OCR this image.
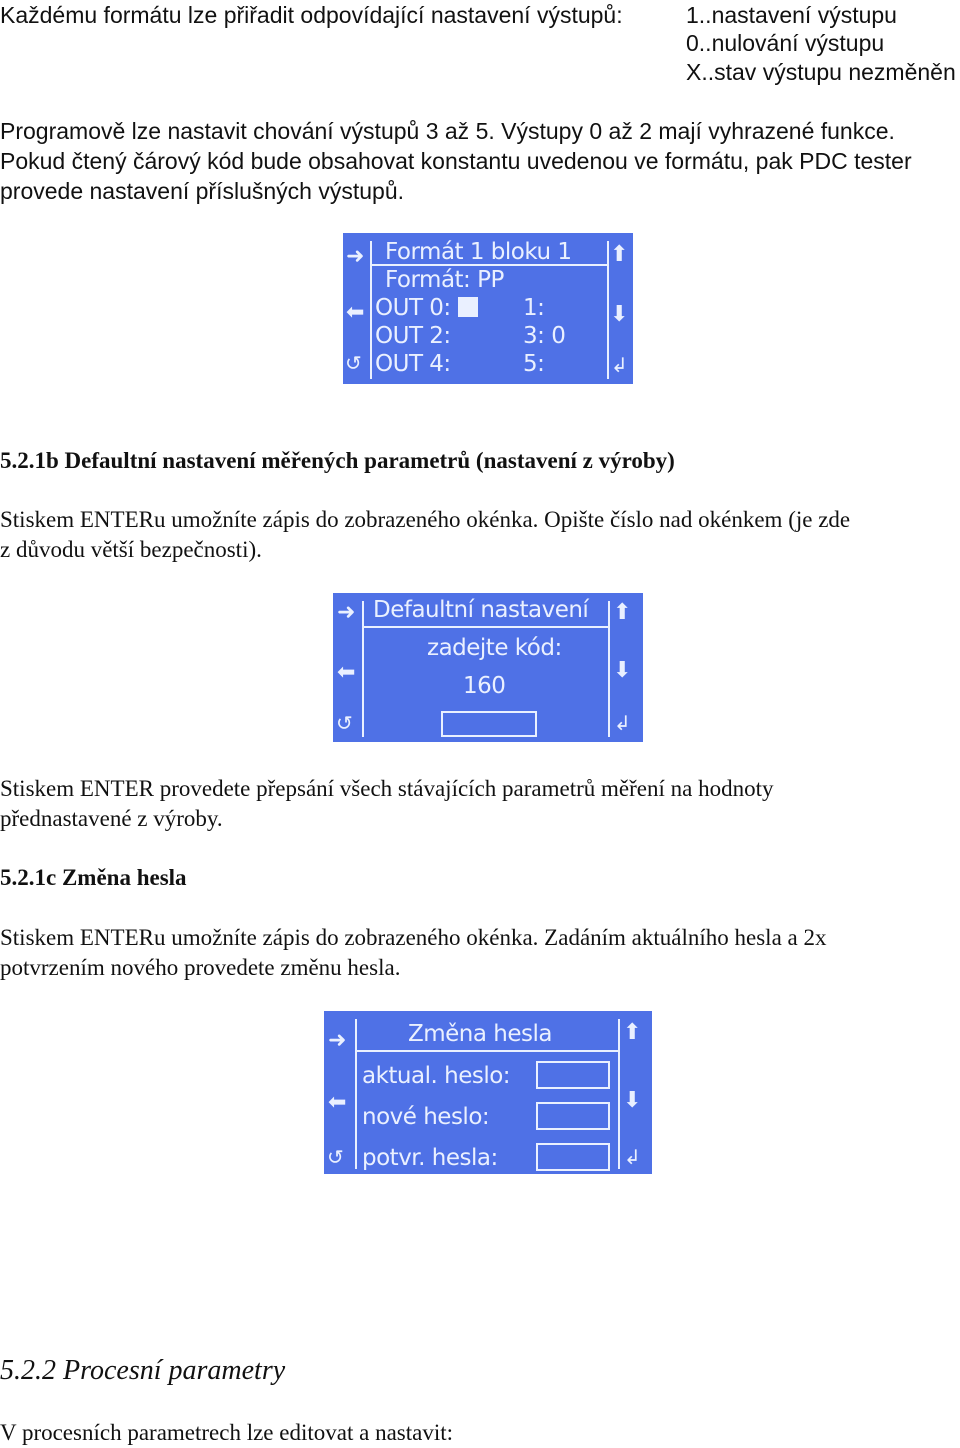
Každému formátu lze přiřadit odpovídající nastavení výstupů:	1..nastavení výstupu

0..nulování výstupu

X..stav výstupu nezměněn

Programově lze nastavit chování výstupů 3 až 5. Výstupy 0 až 2 mají vyhrazené funkce.

Pokud čtený čárový kód bude obsahovat konstantu uvedenou ve formátu, pak PDC tester

provede nastavení příslušných výstupů.

➜
⬅
↺
⬆
⬇
↲
Formát 1 bloku 1
Formát: PP
OUT 0:	1:
OUT 2:	3: 0
OUT 4:	5:

5.2.1b Defaultní nastavení měřených parametrů (nastavení z výroby)

Stiskem ENTERu umožníte zápis do zobrazeného okénka. Opište číslo nad okénkem (je zde

z důvodu větší bezpečnosti).

➜
⬅
↺
⬆
⬇
↲
Defaultní nastavení
zadejte kód:
160

Stiskem ENTER provedete přepsání všech stávajících parametrů měření na hodnoty

přednastavené z výroby.

5.2.1c Změna hesla

Stiskem ENTERu umožníte zápis do zobrazeného okénka. Zadáním aktuálního hesla a 2x

potvrzením nového provedete změnu hesla.

➜
⬅
↺
⬆
⬇
↲
Změna hesla
aktual. heslo:
nové heslo:
potvr. hesla:

5.2.2 Procesní parametry

V procesních parametrech lze editovat a nastavit:
